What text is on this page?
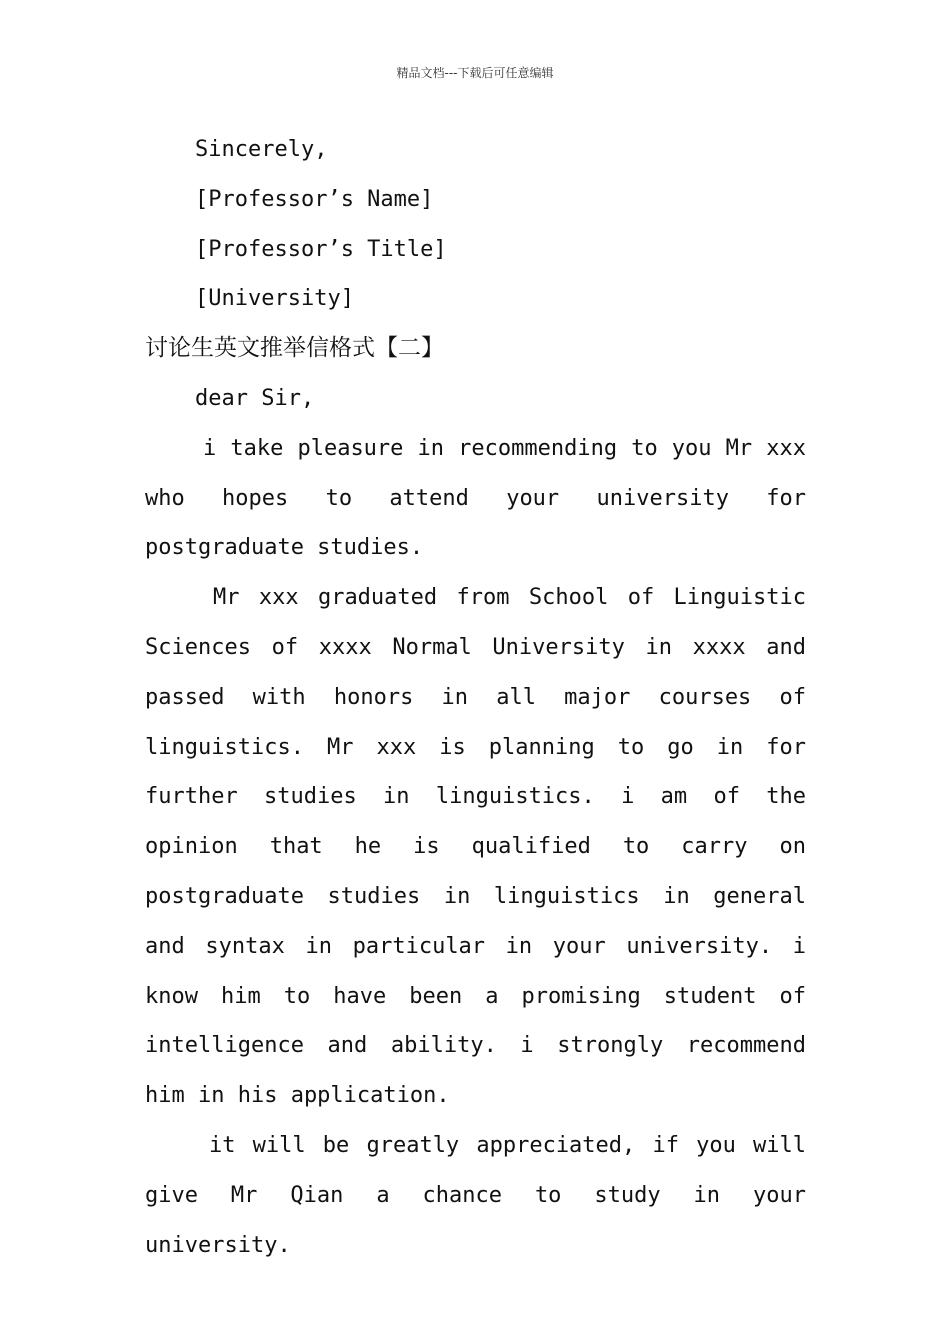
精品文档---下载后可任意编辑
Sincerely,
[Professor’s Name]
[Professor’s Title]
[University]
讨论生英文推举信格式【二】
dear Sir,
i take pleasure in recommending to you Mr xxx who hopes to attend your university for postgraduate studies.
Mr xxx graduated from School of Linguistic Sciences of xxxx Normal University in xxxx and passed with honors in all major courses of linguistics. Mr xxx is planning to go in for further studies in linguistics. i am of the opinion that he is qualified to carry on postgraduate studies in linguistics in general and syntax in particular in your university. i know him to have been a promising student of intelligence and ability. i strongly recommend him in his application.
it will be greatly appreciated, if you will give Mr Qian a chance to study in your university.
